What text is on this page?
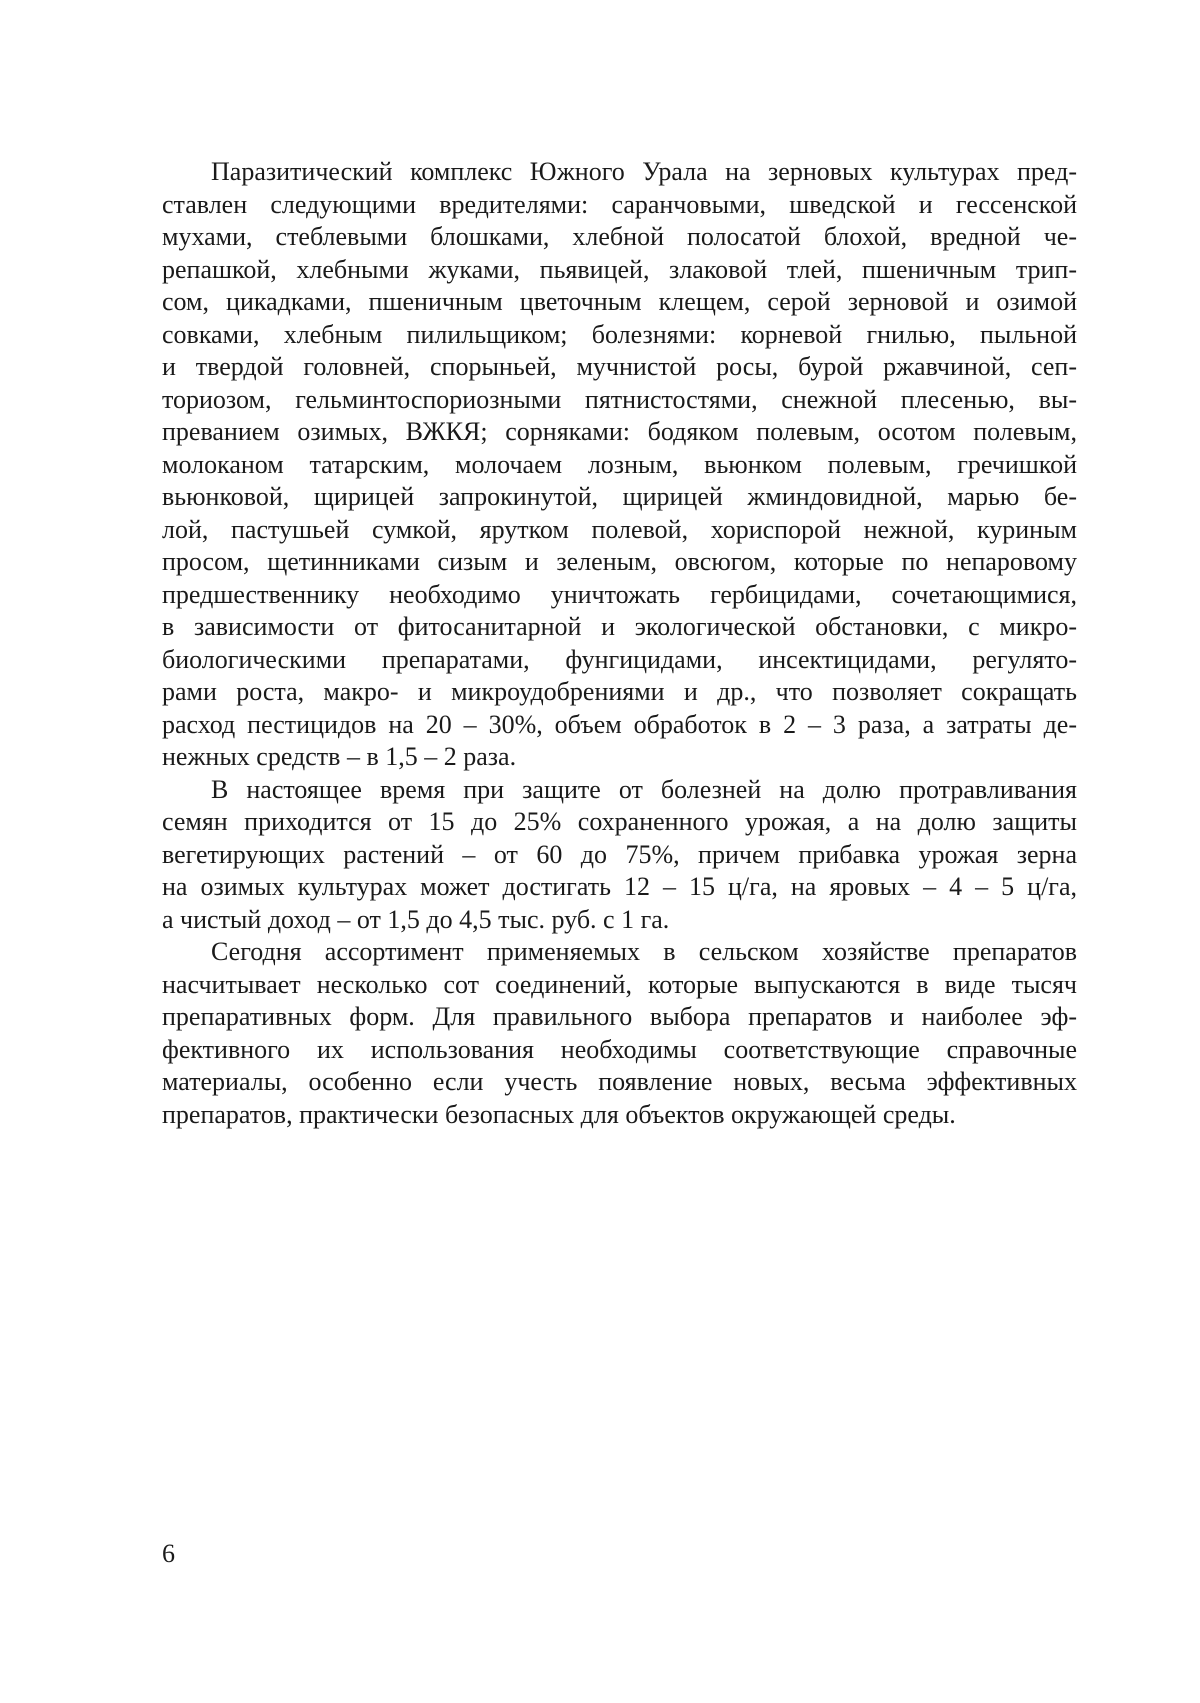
Паразитический комплекс Южного Урала на зерновых культурах пред-
ставлен следующими вредителями: саранчовыми, шведской и гессенской
мухами, стеблевыми блошками, хлебной полосатой блохой, вредной че-
репашкой, хлебными жуками, пьявицей, злаковой тлей, пшеничным трип-
сом, цикадками, пшеничным цветочным клещем, серой зерновой и озимой
совками, хлебным пилильщиком; болезнями: корневой гнилью, пыльной
и твердой головней, спорыньей, мучнистой росы, бурой ржавчиной, сеп-
ториозом, гельминтоспориозными пятнистостями, снежной плесенью, вы-
преванием озимых, ВЖКЯ; сорняками: бодяком полевым, осотом полевым,
молоканом татарским, молочаем лозным, вьюнком полевым, гречишкой
вьюнковой, щирицей запрокинутой, щирицей жминдовидной, марью бе-
лой, пастушьей сумкой, ярутком полевой, хориспорой нежной, куриным
просом, щетинниками сизым и зеленым, овсюгом, которые по непаровому
предшественнику необходимо уничтожать гербицидами, сочетающимися,
в зависимости от фитосанитарной и экологической обстановки, с микро-
биологическими препаратами, фунгицидами, инсектицидами, регулято-
рами роста, макро- и микроудобрениями и др., что позволяет сокращать
расход пестицидов на 20 – 30%, объем обработок в 2 – 3 раза, а затраты де-
нежных средств – в 1,5 – 2 раза.
В настоящее время при защите от болезней на долю протравливания
семян приходится от 15 до 25% сохраненного урожая, а на долю защиты
вегетирующих растений – от 60 до 75%, причем прибавка урожая зерна
на озимых культурах может достигать 12 – 15 ц/га, на яровых – 4 – 5 ц/га,
а чистый доход – от 1,5 до 4,5 тыс. руб. с 1 га.
Сегодня ассортимент применяемых в сельском хозяйстве препаратов
насчитывает несколько сот соединений, которые выпускаются в виде тысяч
препаративных форм. Для правильного выбора препаратов и наиболее эф-
фективного их использования необходимы соответствующие справочные
материалы, особенно если учесть появление новых, весьма эффективных
препаратов, практически безопасных для объектов окружающей среды.
6
